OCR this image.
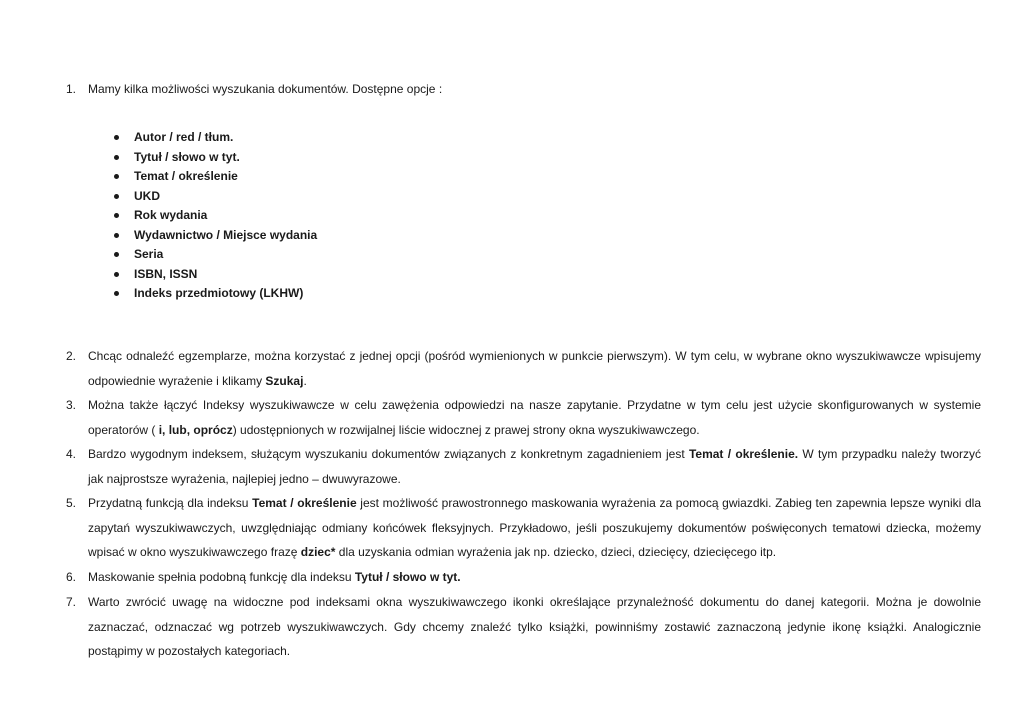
1. Mamy kilka możliwości wyszukania dokumentów. Dostępne opcje :
Autor / red / tłum.
Tytuł / słowo w tyt.
Temat / określenie
UKD
Rok wydania
Wydawnictwo / Miejsce wydania
Seria
ISBN, ISSN
Indeks przedmiotowy (LKHW)
2. Chcąc odnaleźć egzemplarze, można korzystać z jednej opcji (pośród wymienionych w punkcie pierwszym). W tym celu, w wybrane okno wyszukiwawcze wpisujemy odpowiednie wyrażenie i klikamy Szukaj.
3. Można także łączyć Indeksy wyszukiwawcze w celu zawężenia odpowiedzi na nasze zapytanie. Przydatne w tym celu jest użycie skonfigurowanych w systemie operatorów ( i, lub, oprócz) udostępnionych w rozwijalnej liście widocznej z prawej strony okna wyszukiwawczego.
4. Bardzo wygodnym indeksem, służącym wyszukaniu dokumentów związanych z konkretnym zagadnieniem jest Temat / określenie. W tym przypadku należy tworzyć jak najprostsze wyrażenia, najlepiej jedno – dwuwyrazowe.
5. Przydatną funkcją dla indeksu Temat / określenie jest możliwość prawostronnego maskowania wyrażenia za pomocą gwiazdki. Zabieg ten zapewnia lepsze wyniki dla zapytań wyszukiwawczych, uwzględniając odmiany końcówek fleksyjnych. Przykładowo, jeśli poszukujemy dokumentów poświęconych tematowi dziecka, możemy wpisać w okno wyszukiwawczego frazę dziec* dla uzyskania odmian wyrażenia jak np. dziecko, dzieci, dziecięcy, dziecięcego itp.
6. Maskowanie spełnia podobną funkcję dla indeksu Tytuł / słowo w tyt.
7. Warto zwrócić uwagę na widoczne pod indeksami okna wyszukiwawczego ikonki określające przynależność dokumentu do danej kategorii. Można je dowolnie zaznaczać, odznaczać wg potrzeb wyszukiwawczych. Gdy chcemy znaleźć tylko książki, powinniśmy zostawić zaznaczoną jedynie ikonę książki. Analogicznie postąpimy w pozostałych kategoriach.
